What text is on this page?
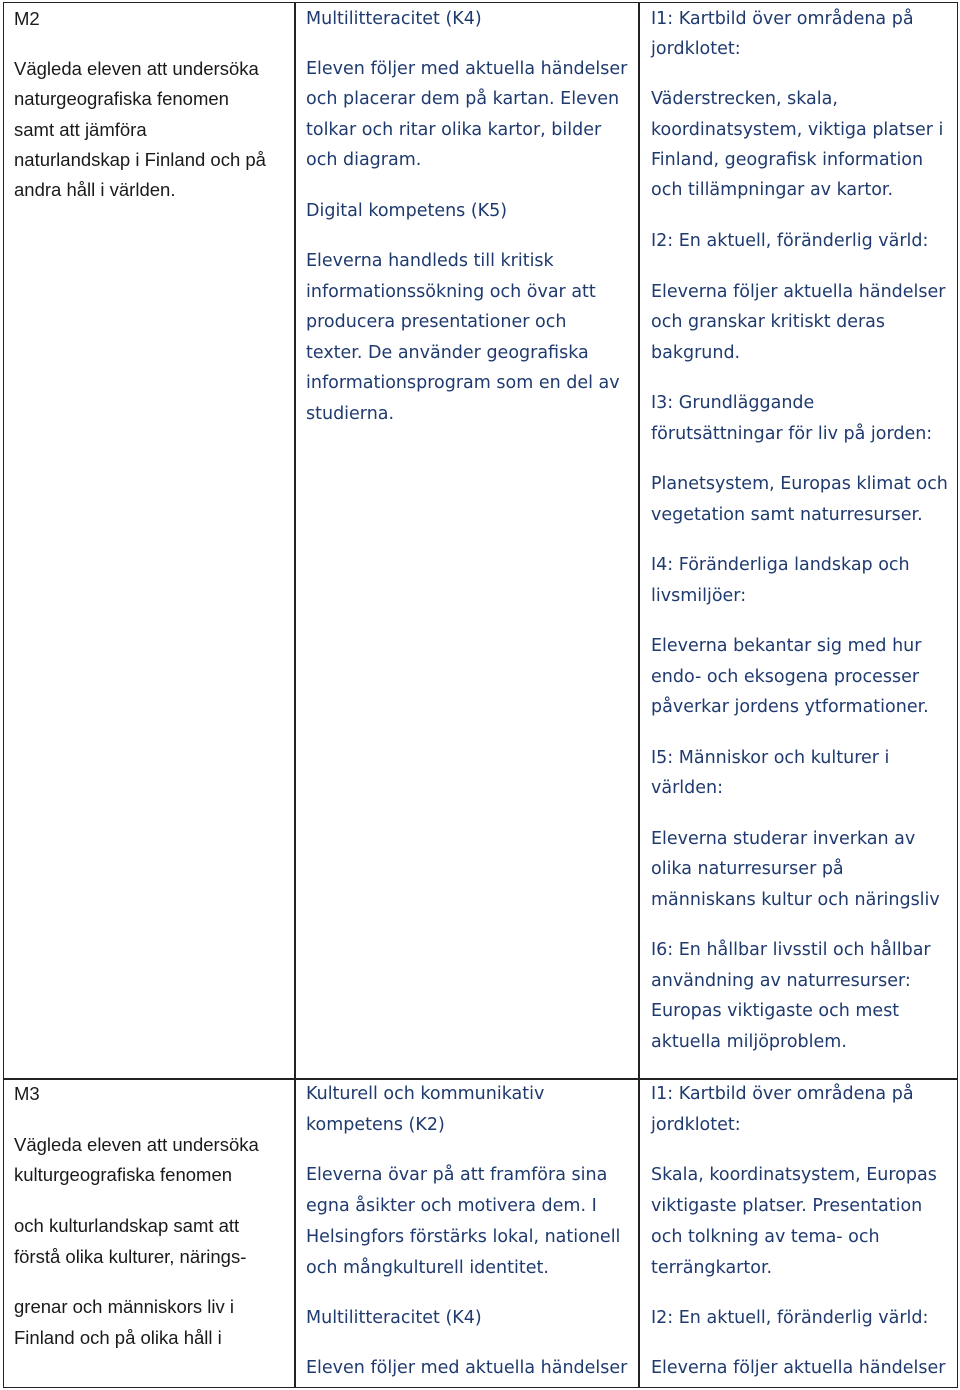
M2
Vägleda eleven att undersöka
naturgeografiska fenomen
samt att jämföra
naturlandskap i Finland och på
andra håll i världen.
Multilitteracitet (K4)
Eleven följer med aktuella händelser
och placerar dem på kartan. Eleven
tolkar och ritar olika kartor, bilder
och diagram.
Digital kompetens (K5)
Eleverna handleds till kritisk
informationssökning och övar att
producera presentationer och
texter. De använder geografiska
informationsprogram som en del av
studierna.
I1: Kartbild över områdena på
jordklotet:
Väderstrecken, skala,
koordinatsystem, viktiga platser i
Finland, geografisk information
och tillämpningar av kartor.
I2: En aktuell, föränderlig värld:
Eleverna följer aktuella händelser
och granskar kritiskt deras
bakgrund.
I3: Grundläggande
förutsättningar för liv på jorden:
Planetsystem, Europas klimat och
vegetation samt naturresurser.
I4: Föränderliga landskap och
livsmiljöer:
Eleverna bekantar sig med hur
endo- och eksogena processer
påverkar jordens ytformationer.
I5: Människor och kulturer i
världen:
Eleverna studerar inverkan av
olika naturresurser på
människans kultur och näringsliv
I6: En hållbar livsstil och hållbar
användning av naturresurser:
Europas viktigaste och mest
aktuella miljöproblem.
M3
Vägleda eleven att undersöka
kulturgeografiska fenomen
och kulturlandskap samt att
förstå olika kulturer, närings-
grenar och människors liv i
Finland och på olika håll i
Kulturell och kommunikativ
kompetens (K2)
Eleverna övar på att framföra sina
egna åsikter och motivera dem. I
Helsingfors förstärks lokal, nationell
och mångkulturell identitet.
Multilitteracitet (K4)
Eleven följer med aktuella händelser
I1: Kartbild över områdena på
jordklotet:
Skala, koordinatsystem, Europas
viktigaste platser. Presentation
och tolkning av tema- och
terrängkartor.
I2: En aktuell, föränderlig värld:
Eleverna följer aktuella händelser
